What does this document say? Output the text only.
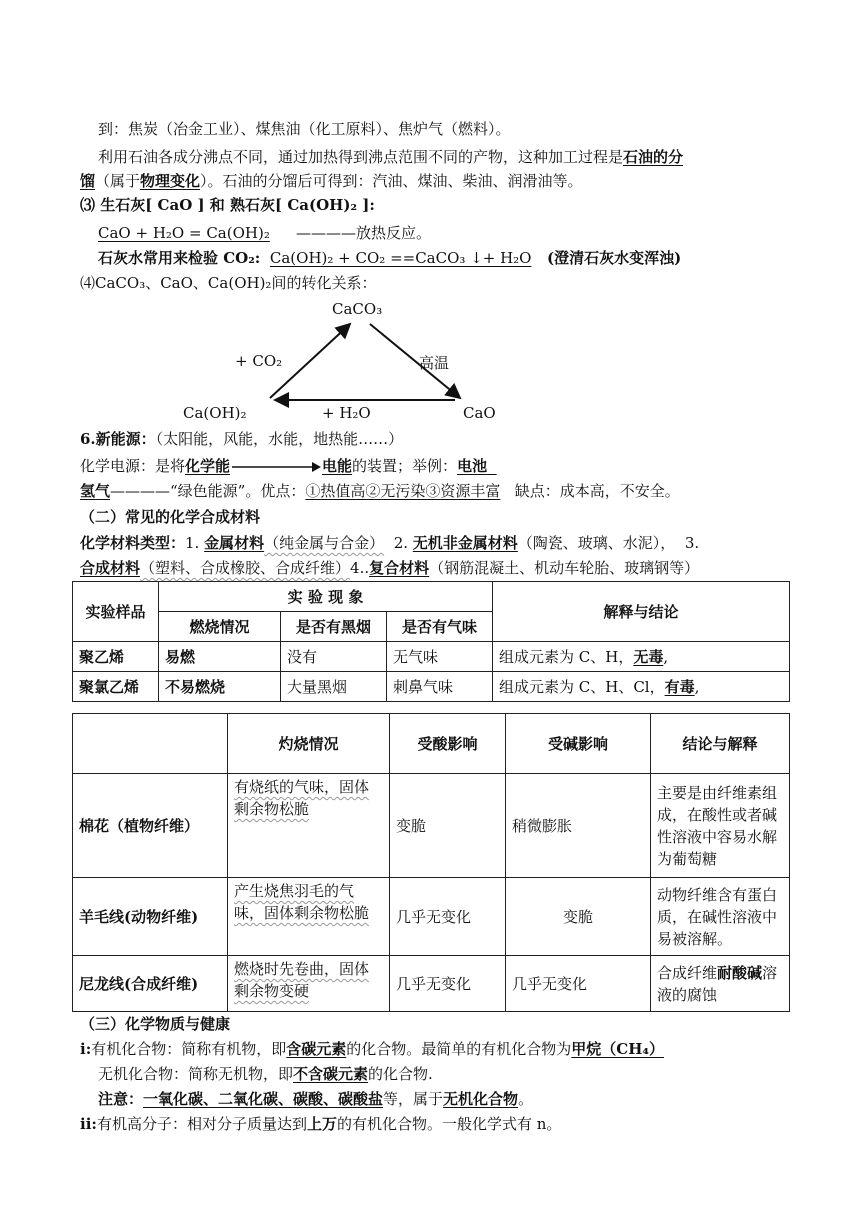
到：焦炭（冶金工业）、煤焦油（化工原料）、焦炉气（燃料）。
利用石油各成分沸点不同，通过加热得到沸点范围不同的产物，这种加工过程是石油的分
馏（属于物理变化）。石油的分馏后可得到：汽油、煤油、柴油、润滑油等。
⑶ 生石灰[ CaO ] 和 熟石灰[ Ca(OH)₂ ]:
CaO + H₂O = Ca(OH)₂ ————放热反应。
石灰水常用来检验 CO₂: Ca(OH)₂ + CO₂ ==CaCO₃ ↓+ H₂O (澄清石灰水变浑浊)
⑷CaCO₃、CaO、Ca(OH)₂间的转化关系：
CaCO₃
+ CO₂	高温
Ca(OH)₂	+ H₂O	CaO
6.新能源：（太阳能，风能，水能，地热能……）
化学电源：是将化学能	电能的装置；举例：电池
氢气————“绿色能源”。优点：①热值高②无污染③资源丰富 缺点：成本高，不安全。
（二）常见的化学合成材料
化学材料类型：1. 金属材料（纯金属与合金） 2. 无机非金属材料（陶瓷、玻璃、水泥）， 3.
合成材料（塑料、合成橡胶、合成纤维）4..复合材料（钢筋混凝土、机动车轮胎、玻璃钢等）
实验样品	实 验 现 象			解释与结论
	燃烧情况	是否有黑烟	是否有气味	
聚乙烯	易燃	没有	无气味	组成元素为 C、H，无毒,
聚氯乙烯	不易燃烧	大量黑烟	刺鼻气味	组成元素为 C、H、Cl，有毒,
	灼烧情况	受酸影响	受碱影响	结论与解释
棉花（植物纤维）	有烧纸的气味，固体剩余物松脆	变脆	稍微膨胀	主要是由纤维素组成，在酸性或者碱性溶液中容易水解为葡萄糖
羊毛线(动物纤维)	产生烧焦羽毛的气味，固体剩余物松脆	几乎无变化	变脆	动物纤维含有蛋白质，在碱性溶液中易被溶解。
尼龙线(合成纤维)	燃烧时先卷曲，固体剩余物变硬	几乎无变化	几乎无变化	合成纤维耐酸碱溶液的腐蚀
（三）化学物质与健康
i:有机化合物：简称有机物，即含碳元素的化合物。最简单的有机化合物为甲烷（CH₄）
无机化合物：简称无机物，即不含碳元素的化合物.
注意：一氧化碳、二氧化碳、碳酸、碳酸盐等，属于无机化合物。
ii:有机高分子：相对分子质量达到上万的有机化合物。一般化学式有 n。
